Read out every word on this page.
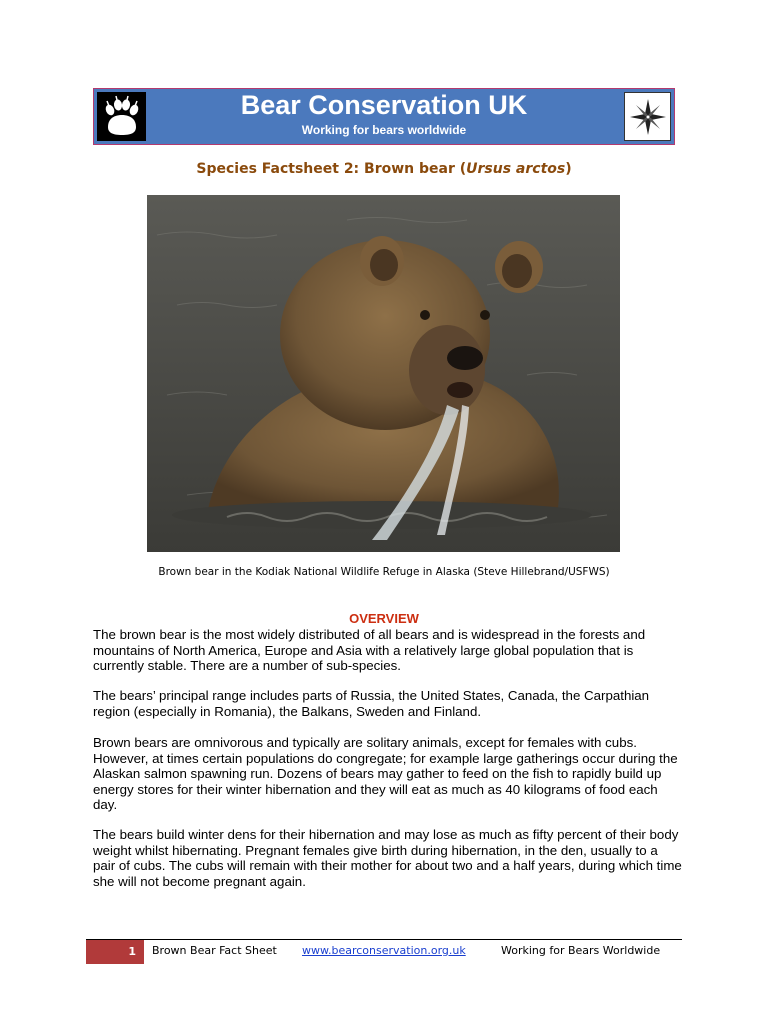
Bear Conservation UK
Working for bears worldwide
Species Factsheet 2: Brown bear (Ursus arctos)
Brown bear in the Kodiak National Wildlife Refuge in Alaska (Steve Hillebrand/USFWS)
OVERVIEW

The brown bear is the most widely distributed of all bears and is widespread in the forests and mountains of North America, Europe and Asia with a relatively large global population that is currently stable. There are a number of sub-species.

The bears’ principal range includes parts of Russia, the United States, Canada, the Carpathian region (especially in Romania), the Balkans, Sweden and Finland.

Brown bears are omnivorous and typically are solitary animals, except for females with cubs. However, at times certain populations do congregate; for example large gatherings occur during the Alaskan salmon spawning run. Dozens of bears may gather to feed on the fish to rapidly build up energy stores for their winter hibernation and they will eat as much as 40 kilograms of food each day.

The bears build winter dens for their hibernation and may lose as much as fifty percent of their body weight whilst hibernating. Pregnant females give birth during hibernation, in the den, usually to a pair of cubs. The cubs will remain with their mother for about two and a half years, during which time she will not become pregnant again.

1	Brown Bear Fact Sheet www.bearconservation.org.uk	Working for Bears Worldwide
